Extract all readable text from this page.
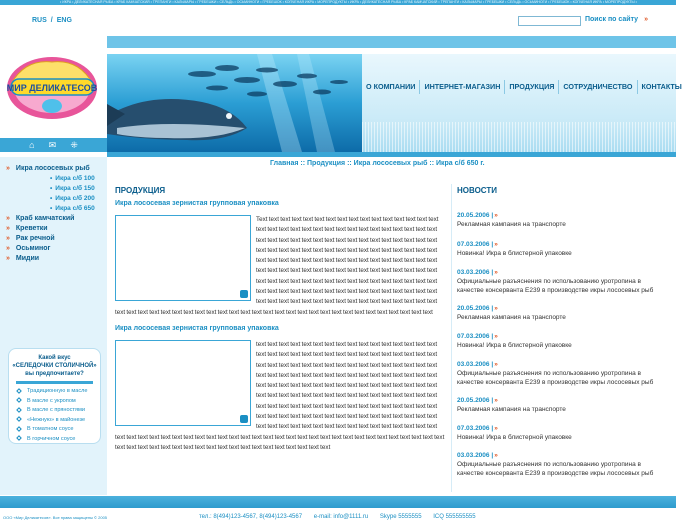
• ИКРА • ДЕЛИКАТЕСНАЯ РЫБА • КРАБ КАМЧАТСКИЙ • ТРЕПАНГИ • КАЛЬМАРЫ • ГРЕБЕШКИ • СЕЛЬДЬ • ОСЬМИНОГИ • ГРЕБЕШОК • КОПЧЕНАЯ ИКРА • МОРЕПРОДУКТЫ • ИКРА • ДЕЛИКАТЕСНАЯ РЫБА • КРАБ КАМЧАТСКИЙ • ТРЕПАНГИ • КАЛЬМАРЫ • ГРЕБЕШКИ • СЕЛЬДЬ • ОСЬМИНОГИ • ГРЕБЕШОК • КОПЧЕНАЯ ИКРА • МОРЕПРОДУКТЫ •
RUS / ENG
МИР ДЕЛИКАТЕСОВ
⌂ ✉ ⁜
Поиск по сайту »
О КОМПАНИИ	ИНТЕРНЕТ-МАГАЗИН	ПРОДУКЦИЯ	СОТРУДНИЧЕСТВО	КОНТАКТЫ
Главная :: Продукция :: Икра лососевых рыб :: Икра с/б 650 г.
» Икра лососевых рыб
• Икра с/б 100
• Икра с/б 150
• Икра с/б 200
• Икра с/б 650
» Краб камчатский
» Креветки
» Рак речной
» Осьминог
» Мидии
Какой вкус
«СЕЛЕДОЧКИ СТОЛИЧНОЙ»
вы предпочитаете?
Традиционную в масле
В масле с укропом
В масле с пряностями
«Нежную» в майонезе
В томатном соусе
В горчичном соусе
ПРОДУКЦИЯ
Икра лососевая зернистая групповая упаковка
Text text text text text text text text text text text text text text text text text text text text text text text text text text text text text text text text text text text text text text text text text text text text text text text text text text text text text text text text text text text text text text text text text text text text text text text text text text text text text text text text text text text text text text text text text text text text text text text text text text text text text text text text text text text text text text text text text text text text text text text text text text text text text text text text text text text text text text text text text text text text text text text text text text text text text text text text text text text text text text text text text text text text text text text text text text text text
Икра лососевая зернистая групповая упаковка
text text text text text text text text text text text text text text text text text text text text text text text text text text text text text text text text text text text text text text text text text text text text text text text text text text text text text text text text text text text text text text text text text text text text text text text text text text text text text text text text text text text text text text text text text text text text text text text text text text text text text text text text text text text text text text text text text text text text text text text text text text text text text text text text text text text text text text text text text text text text text text text text text text text text text text text text text text text text text text text text text text text text text text text text text text text text text text text text text text text text text text text text text text text text text text text text
НОВОСТИ
20.05.2006 |»
Рекламная кампания на транспорте
07.03.2006 |»
Новинка! Икра в блистерной упаковке
03.03.2006 |»
Официальные разъяснения по использованию уротропина в
качестве консерванта Е239 в производстве икры лососевых рыб
20.05.2006 |»
Рекламная кампания на транспорте
07.03.2006 |»
Новинка! Икра в блистерной упаковке
03.03.2006 |»
Официальные разъяснения по использованию уротропина в
качестве консерванта Е239 в производстве икры лососевых рыб
20.05.2006 |»
Рекламная кампания на транспорте
07.03.2006 |»
Новинка! Икра в блистерной упаковке
03.03.2006 |»
Официальные разъяснения по использованию уротропина в
качестве консерванта Е239 в производстве икры лососевых рыб
ООО «Мир Деликатесов». Все права защищены © 2005	тел.: 8(494)123-4567, 8(494)123-4567 e-mail: info@1111.ru Skype 5555555 ICQ 555555555
